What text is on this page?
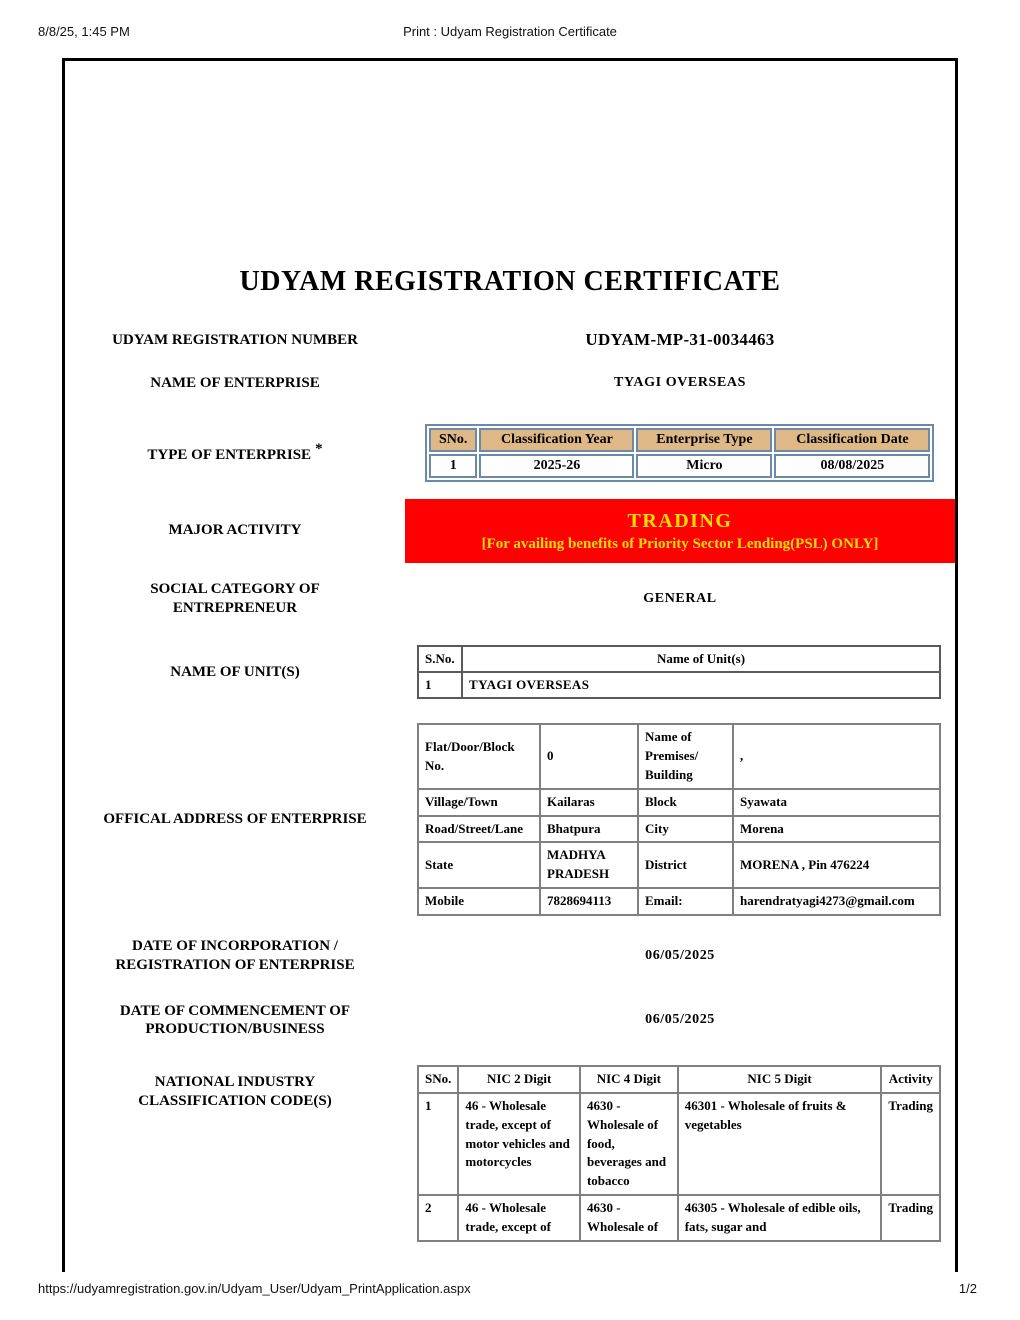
8/8/25, 1:45 PM	Print : Udyam Registration Certificate
UDYAM REGISTRATION CERTIFICATE
UDYAM REGISTRATION NUMBER	UDYAM-MP-31-0034463
NAME OF ENTERPRISE	TYAGI OVERSEAS
TYPE OF ENTERPRISE *
SNo.	Classification Year	Enterprise Type	Classification Date
1	2025-26	Micro	08/08/2025
MAJOR ACTIVITY	TRADING
[For availing benefits of Priority Sector Lending(PSL) ONLY]
SOCIAL CATEGORY OF ENTREPRENEUR
GENERAL
NAME OF UNIT(S)
S.No.	Name of Unit(s)
1	TYAGI OVERSEAS
OFFICAL ADDRESS OF ENTERPRISE
Flat/Door/Block No.	0	Name of Premises/ Building	,
Village/Town	Kailaras	Block	Syawata
Road/Street/Lane	Bhatpura	City	Morena
State	MADHYA PRADESH	District	MORENA , Pin 476224
Mobile	7828694113	Email:	harendratyagi4273@gmail.com
DATE OF INCORPORATION / REGISTRATION OF ENTERPRISE
06/05/2025
DATE OF COMMENCEMENT OF PRODUCTION/BUSINESS
06/05/2025
NATIONAL INDUSTRY CLASSIFICATION CODE(S)
SNo.	NIC 2 Digit	NIC 4 Digit	NIC 5 Digit	Activity
1	46 - Wholesale trade, except of motor vehicles and motorcycles	4630 - Wholesale of food, beverages and tobacco	46301 - Wholesale of fruits & vegetables	Trading
2	46 - Wholesale trade, except of	4630 - Wholesale of	46305 - Wholesale of edible oils, fats, sugar and	Trading
https://udyamregistration.gov.in/Udyam_User/Udyam_PrintApplication.aspx	1/2
